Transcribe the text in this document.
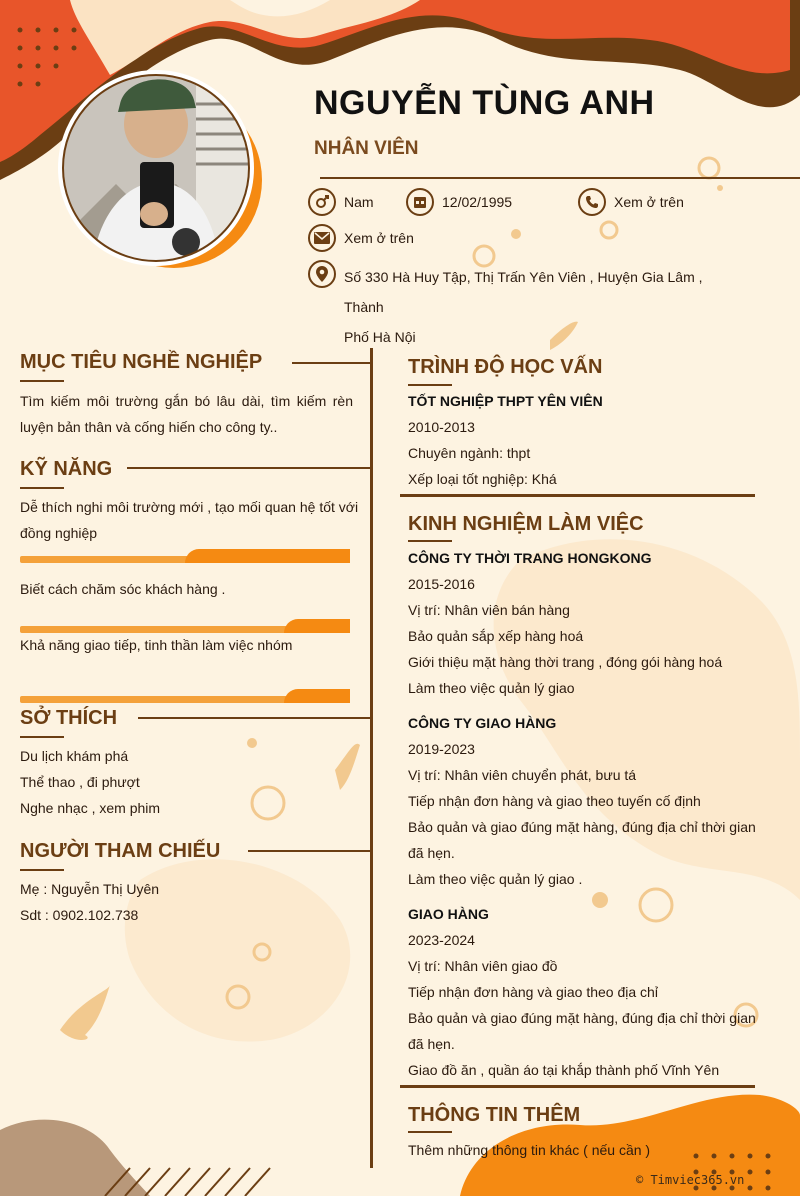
NGUYỄN TÙNG ANH
NHÂN VIÊN
Nam	12/02/1995	Xem ở trên
Xem ở trên
Số 330 Hà Huy Tập, Thị Trấn Yên Viên , Huyện Gia Lâm , Thành
Phố Hà Nội
MỤC TIÊU NGHỀ NGHIỆP
Tìm kiếm môi trường gắn bó lâu dài, tìm kiếm rèn luyện bản thân và cống hiến cho công ty..
KỸ NĂNG
Dễ thích nghi môi trường mới , tạo mối quan hệ tốt với
đồng nghiệp
Biết cách chăm sóc khách hàng .
Khả năng giao tiếp, tinh thần làm việc nhóm
SỞ THÍCH
Du lịch khám phá
Thể thao , đi phượt
Nghe nhạc , xem phim
NGƯỜI THAM CHIẾU
Mẹ : Nguyễn Thị Uyên
Sdt : 0902.102.738
TRÌNH ĐỘ HỌC VẤN
TỐT NGHIỆP THPT YÊN VIÊN
2010-2013
Chuyên ngành: thpt
Xếp loại tốt nghiệp: Khá
KINH NGHIỆM LÀM VIỆC
CÔNG TY THỜI TRANG HONGKONG
2015-2016
Vị trí: Nhân viên bán hàng
Bảo quản sắp xếp hàng hoá
Giới thiệu mặt hàng thời trang , đóng gói hàng hoá
Làm theo việc quản lý giao
CÔNG TY GIAO HÀNG
2019-2023
Vị trí: Nhân viên chuyển phát, bưu tá
Tiếp nhận đơn hàng và giao theo tuyến cố định
Bảo quản và giao đúng mặt hàng, đúng địa chỉ thời gian
đã hẹn.
Làm theo việc quản lý giao .
GIAO HÀNG
2023-2024
Vị trí: Nhân viên giao đồ
Tiếp nhận đơn hàng và giao theo địa chỉ
Bảo quản và giao đúng mặt hàng, đúng địa chỉ thời gian
đã hẹn.
Giao đồ ăn , quần áo tại khắp thành phố Vĩnh Yên
THÔNG TIN THÊM
Thêm những thông tin khác ( nếu cần )
© Timviec365.vn
